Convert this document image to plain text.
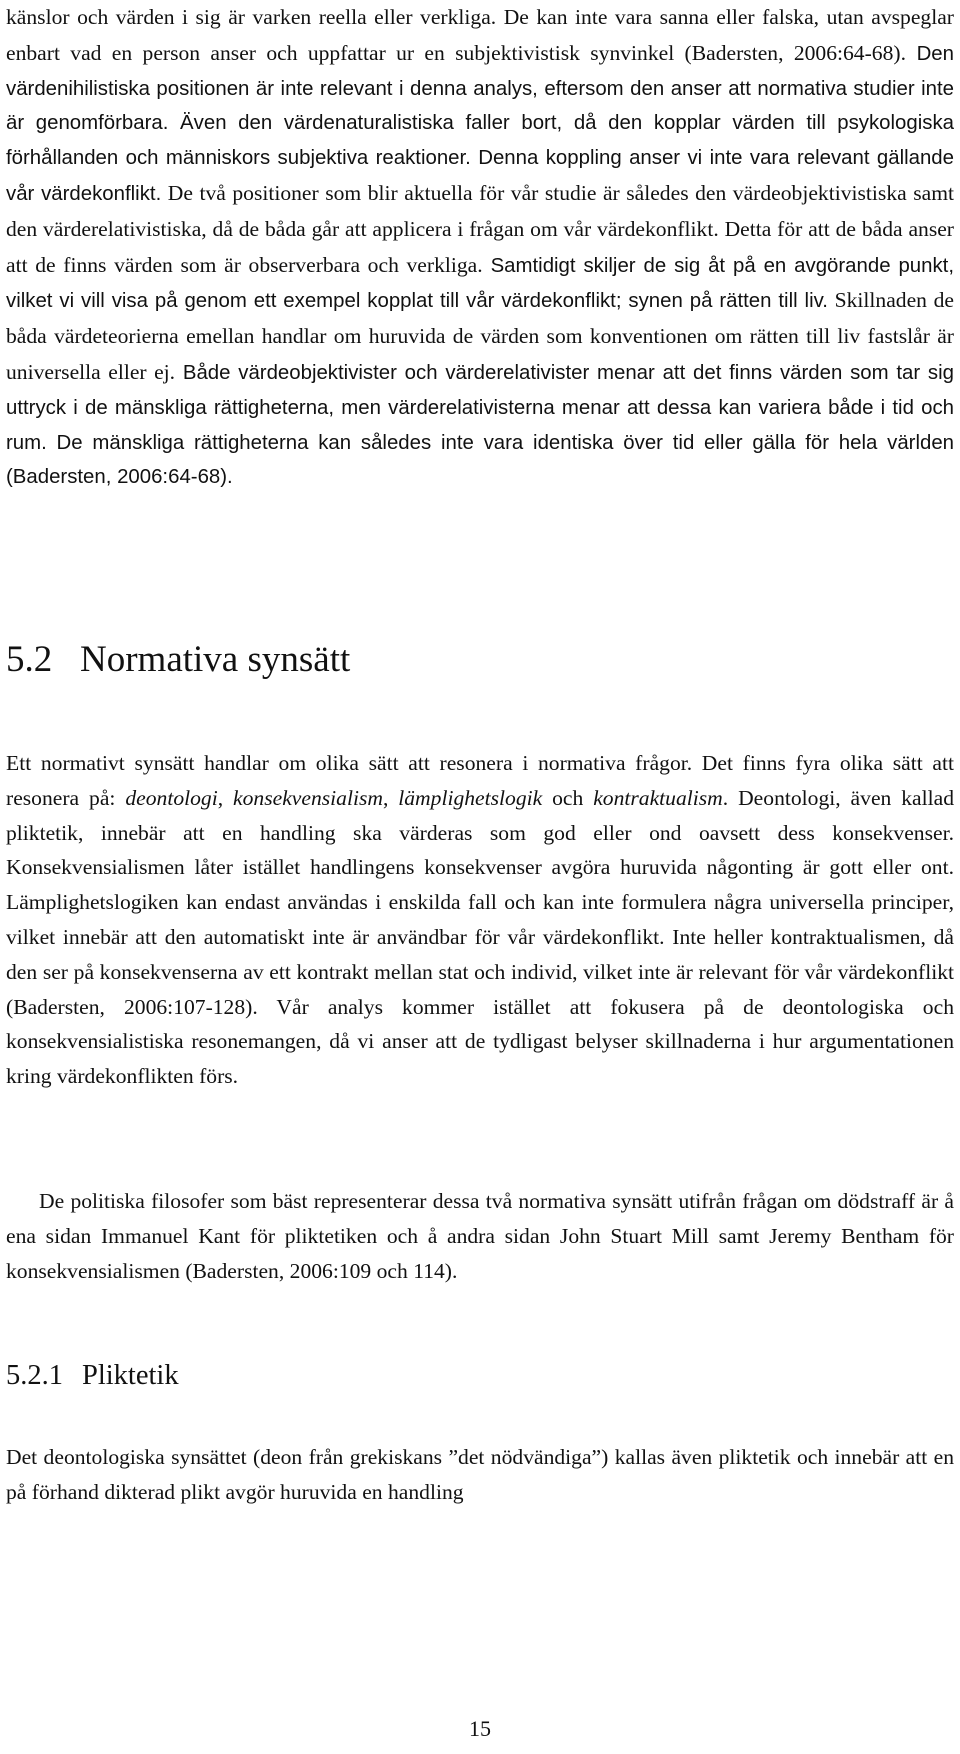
känslor och värden i sig är varken reella eller verkliga. De kan inte vara sanna eller falska, utan avspeglar enbart vad en person anser och uppfattar ur en subjektivistisk synvinkel (Badersten, 2006:64-68). Den värdenihilistiska positionen är inte relevant i denna analys, eftersom den anser att normativa studier inte är genomförbara. Även den värdenaturalistiska faller bort, då den kopplar värden till psykologiska förhållanden och människors subjektiva reaktioner. Denna koppling anser vi inte vara relevant gällande vår värdekonflikt. De två positioner som blir aktuella för vår studie är således den värdeobjektivistiska samt den värderelativistiska, då de båda går att applicera i frågan om vår värdekonflikt. Detta för att de båda anser att de finns värden som är observerbara och verkliga. Samtidigt skiljer de sig åt på en avgörande punkt, vilket vi vill visa på genom ett exempel kopplat till vår värdekonflikt; synen på rätten till liv. Skillnaden de båda värdeteorierna emellan handlar om huruvida de värden som konventionen om rätten till liv fastslår är universella eller ej. Både värdeobjektivister och värderelativister menar att det finns värden som tar sig uttryck i de mänskliga rättigheterna, men värderelativisterna menar att dessa kan variera både i tid och rum. De mänskliga rättigheterna kan således inte vara identiska över tid eller gälla för hela världen (Badersten, 2006:64-68).

5.2 Normativa synsätt

Ett normativt synsätt handlar om olika sätt att resonera i normativa frågor. Det finns fyra olika sätt att resonera på: deontologi, konsekvensialism, lämplighetslogik och kontraktualism. Deontologi, även kallad pliktetik, innebär att en handling ska värderas som god eller ond oavsett dess konsekvenser. Konsekvensialismen låter istället handlingens konsekvenser avgöra huruvida någonting är gott eller ont. Lämplighetslogiken kan endast användas i enskilda fall och kan inte formulera några universella principer, vilket innebär att den automatiskt inte är användbar för vår värdekonflikt. Inte heller kontraktualismen, då den ser på konsekvenserna av ett kontrakt mellan stat och individ, vilket inte är relevant för vår värdekonflikt (Badersten, 2006:107-128). Vår analys kommer istället att fokusera på de deontologiska och konsekvensialistiska resonemangen, då vi anser att de tydligast belyser skillnaderna i hur argumentationen kring värdekonflikten förs.

De politiska filosofer som bäst representerar dessa två normativa synsätt utifrån frågan om dödstraff är å ena sidan Immanuel Kant för pliktetiken och å andra sidan John Stuart Mill samt Jeremy Bentham för konsekvensialismen (Badersten, 2006:109 och 114).

5.2.1 Pliktetik

Det deontologiska synsättet (deon från grekiskans ”det nödvändiga”) kallas även pliktetik och innebär att en på förhand dikterad plikt avgör huruvida en handling

15
